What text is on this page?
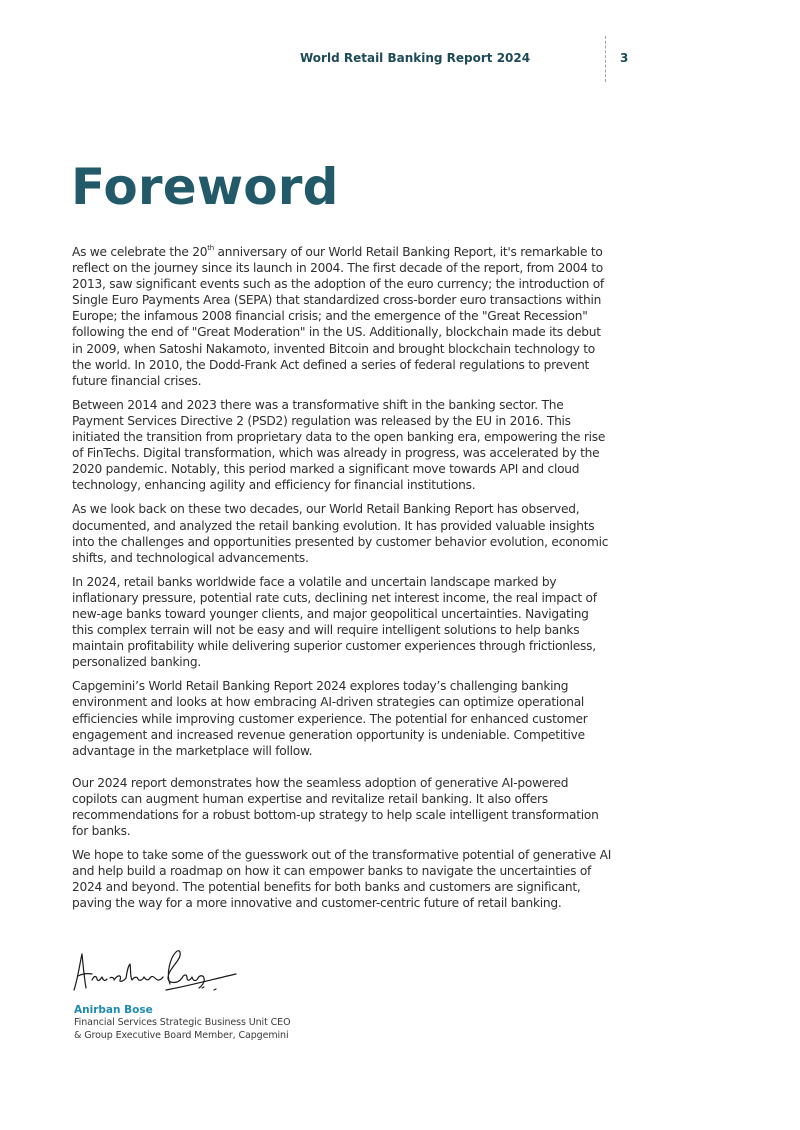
World Retail Banking Report 2024	3
Foreword

As we celebrate the 20th anniversary of our World Retail Banking Report, it's remarkable to reflect on the journey since its launch in 2004. The first decade of the report, from 2004 to 2013, saw significant events such as the adoption of the euro currency; the introduction of Single Euro Payments Area (SEPA) that standardized cross-border euro transactions within Europe; the infamous 2008 financial crisis; and the emergence of the "Great Recession" following the end of "Great Moderation" in the US. Additionally, blockchain made its debut in 2009, when Satoshi Nakamoto, invented Bitcoin and brought blockchain technology to the world. In 2010, the Dodd-Frank Act defined a series of federal regulations to prevent future financial crises.

Between 2014 and 2023 there was a transformative shift in the banking sector. The Payment Services Directive 2 (PSD2) regulation was released by the EU in 2016. This initiated the transition from proprietary data to the open banking era, empowering the rise of FinTechs. Digital transformation, which was already in progress, was accelerated by the 2020 pandemic. Notably, this period marked a significant move towards API and cloud technology, enhancing agility and efficiency for financial institutions.

As we look back on these two decades, our World Retail Banking Report has observed, documented, and analyzed the retail banking evolution. It has provided valuable insights into the challenges and opportunities presented by customer behavior evolution, economic shifts, and technological advancements.

In 2024, retail banks worldwide face a volatile and uncertain landscape marked by inflationary pressure, potential rate cuts, declining net interest income, the real impact of new-age banks toward younger clients, and major geopolitical uncertainties. Navigating this complex terrain will not be easy and will require intelligent solutions to help banks maintain profitability while delivering superior customer experiences through frictionless, personalized banking.

Capgemini’s World Retail Banking Report 2024 explores today’s challenging banking environment and looks at how embracing AI-driven strategies can optimize operational efficiencies while improving customer experience. The potential for enhanced customer engagement and increased revenue generation opportunity is undeniable. Competitive advantage in the marketplace will follow.

Our 2024 report demonstrates how the seamless adoption of generative AI-powered copilots can augment human expertise and revitalize retail banking. It also offers recommendations for a robust bottom-up strategy to help scale intelligent transformation for banks.

We hope to take some of the guesswork out of the transformative potential of generative AI and help build a roadmap on how it can empower banks to navigate the uncertainties of 2024 and beyond. The potential benefits for both banks and customers are significant, paving the way for a more innovative and customer-centric future of retail banking.

Anirban Bose
Financial Services Strategic Business Unit CEO
& Group Executive Board Member, Capgemini
